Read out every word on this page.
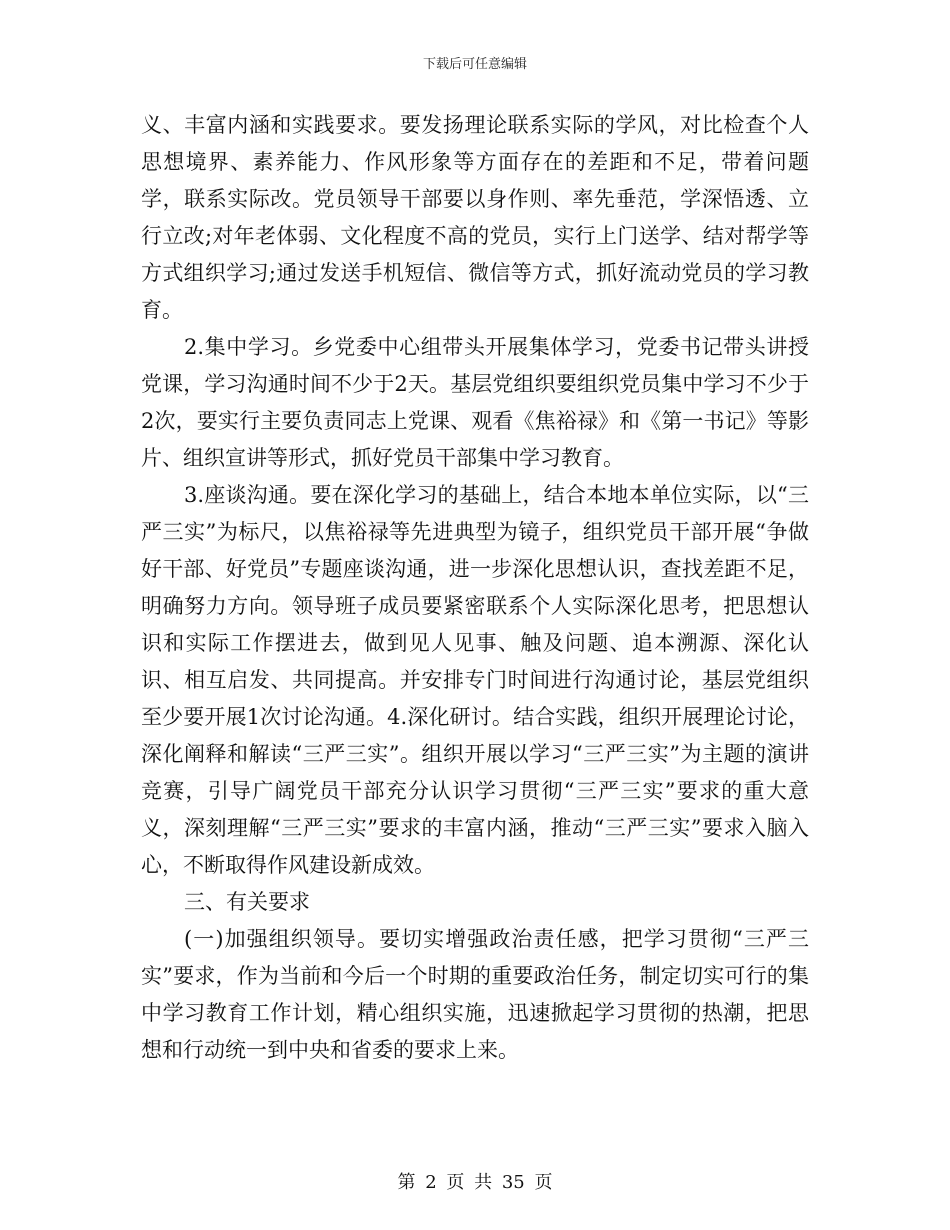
下载后可任意编辑

义、丰富内涵和实践要求。要发扬理论联系实际的学风，对比检查个人思想境界、素养能力、作风形象等方面存在的差距和不足，带着问题学，联系实际改。党员领导干部要以身作则、率先垂范，学深悟透、立行立改;对年老体弱、文化程度不高的党员，实行上门送学、结对帮学等方式组织学习;通过发送手机短信、微信等方式，抓好流动党员的学习教育。

2.集中学习。乡党委中心组带头开展集体学习，党委书记带头讲授党课，学习沟通时间不少于2天。基层党组织要组织党员集中学习不少于2次，要实行主要负责同志上党课、观看《焦裕禄》和《第一书记》等影片、组织宣讲等形式，抓好党员干部集中学习教育。

3.座谈沟通。要在深化学习的基础上，结合本地本单位实际，以“三严三实”为标尺，以焦裕禄等先进典型为镜子，组织党员干部开展“争做好干部、好党员”专题座谈沟通，进一步深化思想认识，查找差距不足，明确努力方向。领导班子成员要紧密联系个人实际深化思考，把思想认识和实际工作摆进去，做到见人见事、触及问题、追本溯源、深化认识、相互启发、共同提高。并安排专门时间进行沟通讨论，基层党组织至少要开展1次讨论沟通。4.深化研讨。结合实践，组织开展理论讨论，深化阐释和解读“三严三实”。组织开展以学习“三严三实”为主题的演讲竞赛，引导广阔党员干部充分认识学习贯彻“三严三实”要求的重大意义，深刻理解“三严三实”要求的丰富内涵，推动“三严三实”要求入脑入心，不断取得作风建设新成效。

三、有关要求

(一)加强组织领导。要切实增强政治责任感，把学习贯彻“三严三实”要求，作为当前和今后一个时期的重要政治任务，制定切实可行的集中学习教育工作计划，精心组织实施，迅速掀起学习贯彻的热潮，把思想和行动统一到中央和省委的要求上来。

第 2 页 共 35 页
